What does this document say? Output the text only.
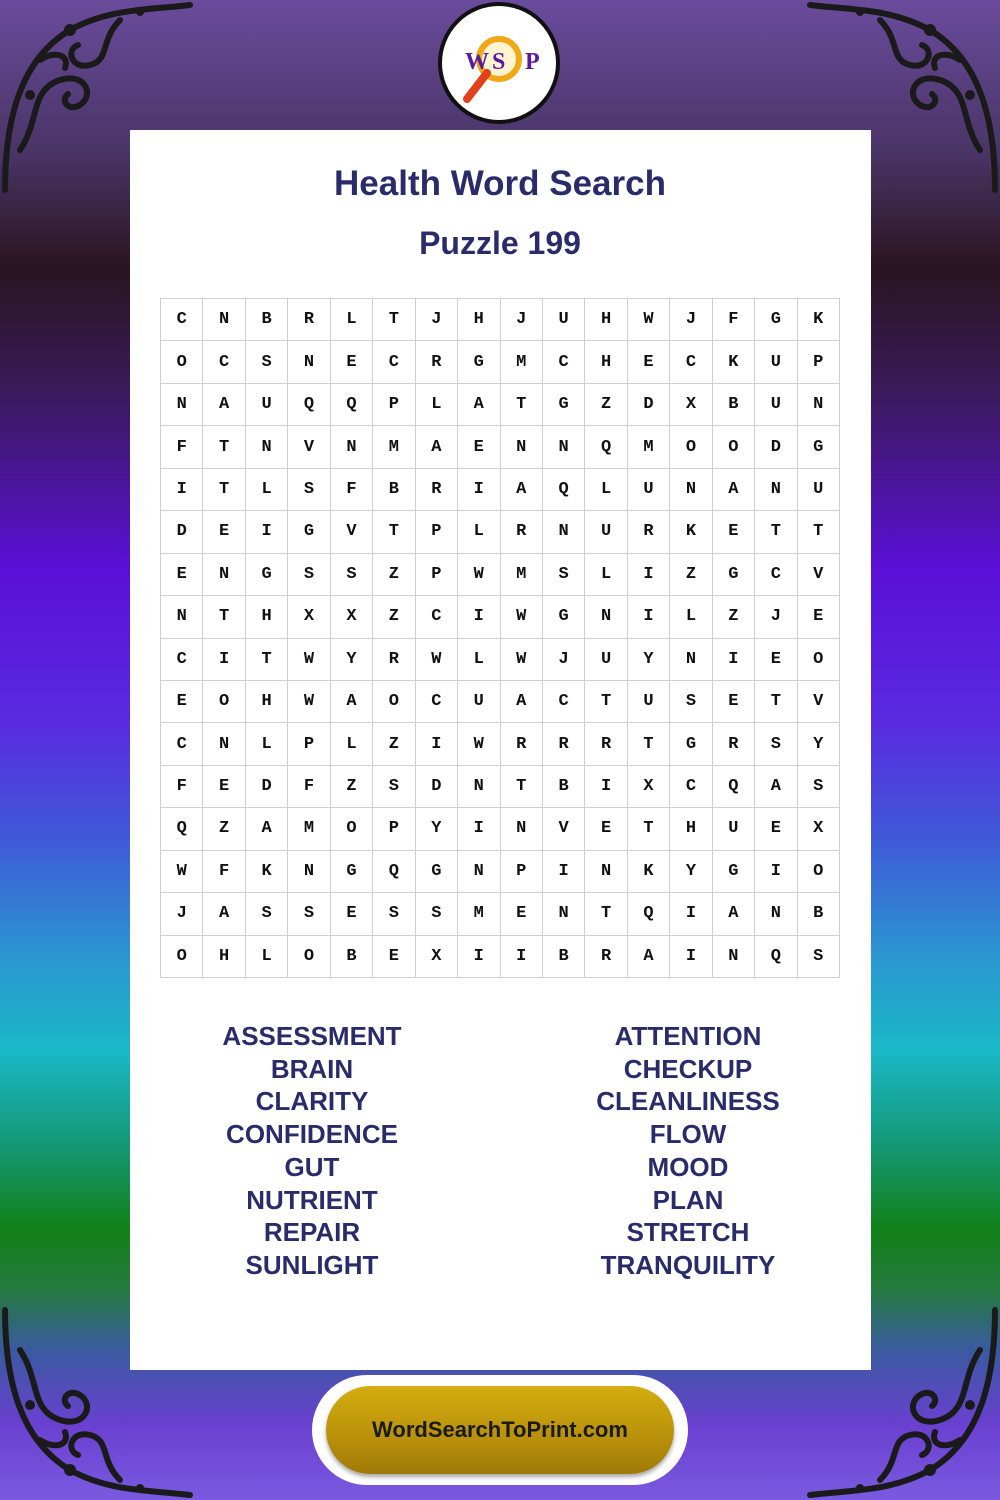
W S P
Health Word Search
Puzzle 199
C	N	B	R	L	T	J	H	J	U	H	W	J	F	G	K
O	C	S	N	E	C	R	G	M	C	H	E	C	K	U	P
N	A	U	Q	Q	P	L	A	T	G	Z	D	X	B	U	N
F	T	N	V	N	M	A	E	N	N	Q	M	O	O	D	G
I	T	L	S	F	B	R	I	A	Q	L	U	N	A	N	U
D	E	I	G	V	T	P	L	R	N	U	R	K	E	T	T
E	N	G	S	S	Z	P	W	M	S	L	I	Z	G	C	V
N	T	H	X	X	Z	C	I	W	G	N	I	L	Z	J	E
C	I	T	W	Y	R	W	L	W	J	U	Y	N	I	E	O
E	O	H	W	A	O	C	U	A	C	T	U	S	E	T	V
C	N	L	P	L	Z	I	W	R	R	R	T	G	R	S	Y
F	E	D	F	Z	S	D	N	T	B	I	X	C	Q	A	S
Q	Z	A	M	O	P	Y	I	N	V	E	T	H	U	E	X
W	F	K	N	G	Q	G	N	P	I	N	K	Y	G	I	O
J	A	S	S	E	S	S	M	E	N	T	Q	I	A	N	B
O	H	L	O	B	E	X	I	I	B	R	A	I	N	Q	S
ASSESSMENT
BRAIN
CLARITY
CONFIDENCE
GUT
NUTRIENT
REPAIR
SUNLIGHT
ATTENTION
CHECKUP
CLEANLINESS
FLOW
MOOD
PLAN
STRETCH
TRANQUILITY
WordSearchToPrint.com
